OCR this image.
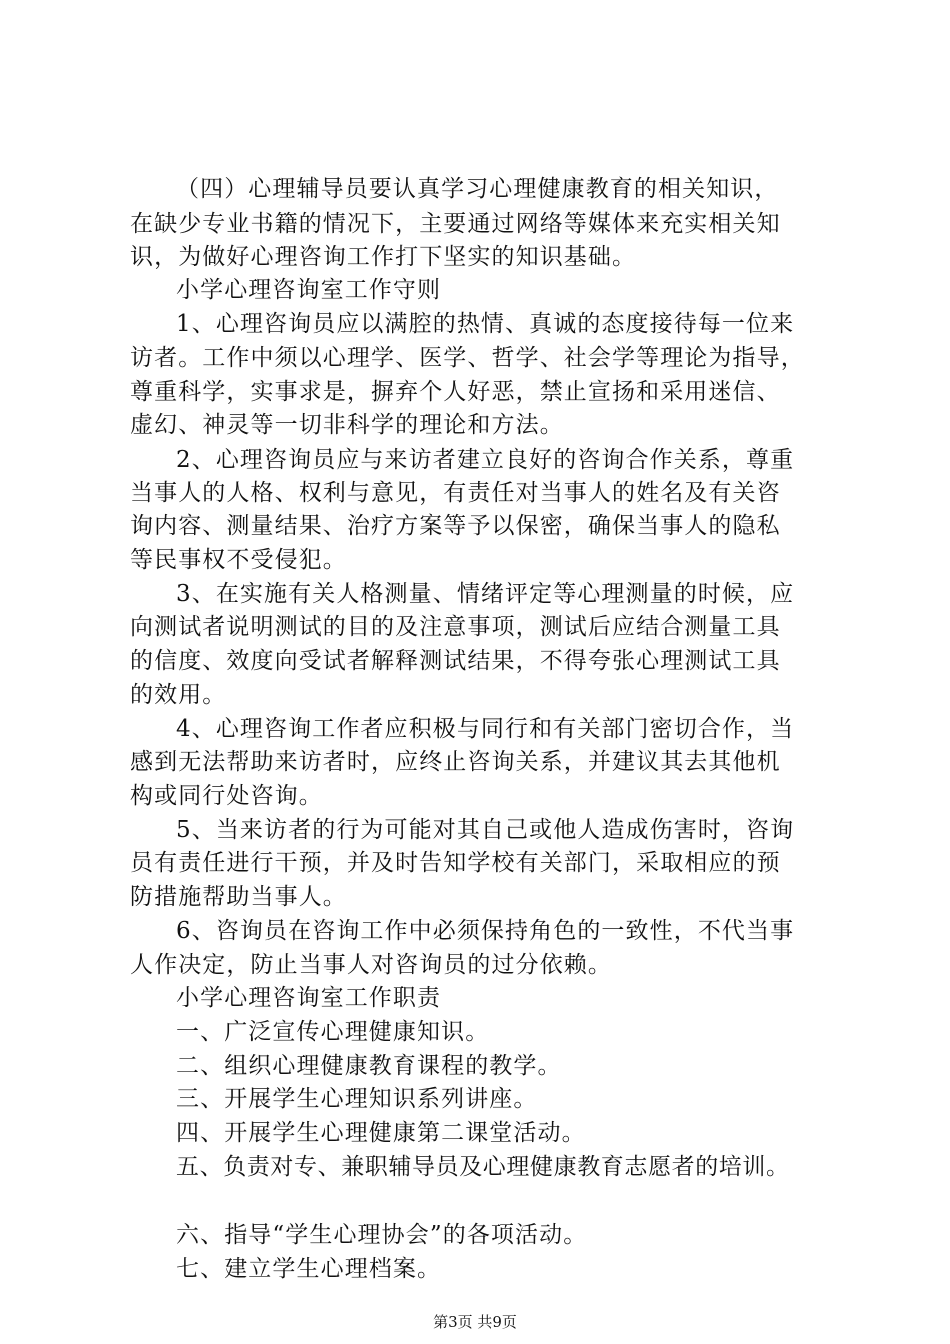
（四）心理辅导员要认真学习心理健康教育的相关知识，
在缺少专业书籍的情况下，主要通过网络等媒体来充实相关知
识，为做好心理咨询工作打下坚实的知识基础。
小学心理咨询室工作守则
1、心理咨询员应以满腔的热情、真诚的态度接待每一位来
访者。工作中须以心理学、医学、哲学、社会学等理论为指导，
尊重科学，实事求是，摒弃个人好恶，禁止宣扬和采用迷信、
虚幻、神灵等一切非科学的理论和方法。
2、心理咨询员应与来访者建立良好的咨询合作关系，尊重
当事人的人格、权利与意见，有责任对当事人的姓名及有关咨
询内容、测量结果、治疗方案等予以保密，确保当事人的隐私
等民事权不受侵犯。
3、在实施有关人格测量、情绪评定等心理测量的时候，应
向测试者说明测试的目的及注意事项，测试后应结合测量工具
的信度、效度向受试者解释测试结果，不得夸张心理测试工具
的效用。
4、心理咨询工作者应积极与同行和有关部门密切合作，当
感到无法帮助来访者时，应终止咨询关系，并建议其去其他机
构或同行处咨询。
5、当来访者的行为可能对其自己或他人造成伤害时，咨询
员有责任进行干预，并及时告知学校有关部门，采取相应的预
防措施帮助当事人。
6、咨询员在咨询工作中必须保持角色的一致性，不代当事
人作决定，防止当事人对咨询员的过分依赖。
小学心理咨询室工作职责
一、广泛宣传心理健康知识。
二、组织心理健康教育课程的教学。
三、开展学生心理知识系列讲座。
四、开展学生心理健康第二课堂活动。
五、负责对专、兼职辅导员及心理健康教育志愿者的培训。
六、指导“学生心理协会”的各项活动。
七、建立学生心理档案。
第3页 共9页
